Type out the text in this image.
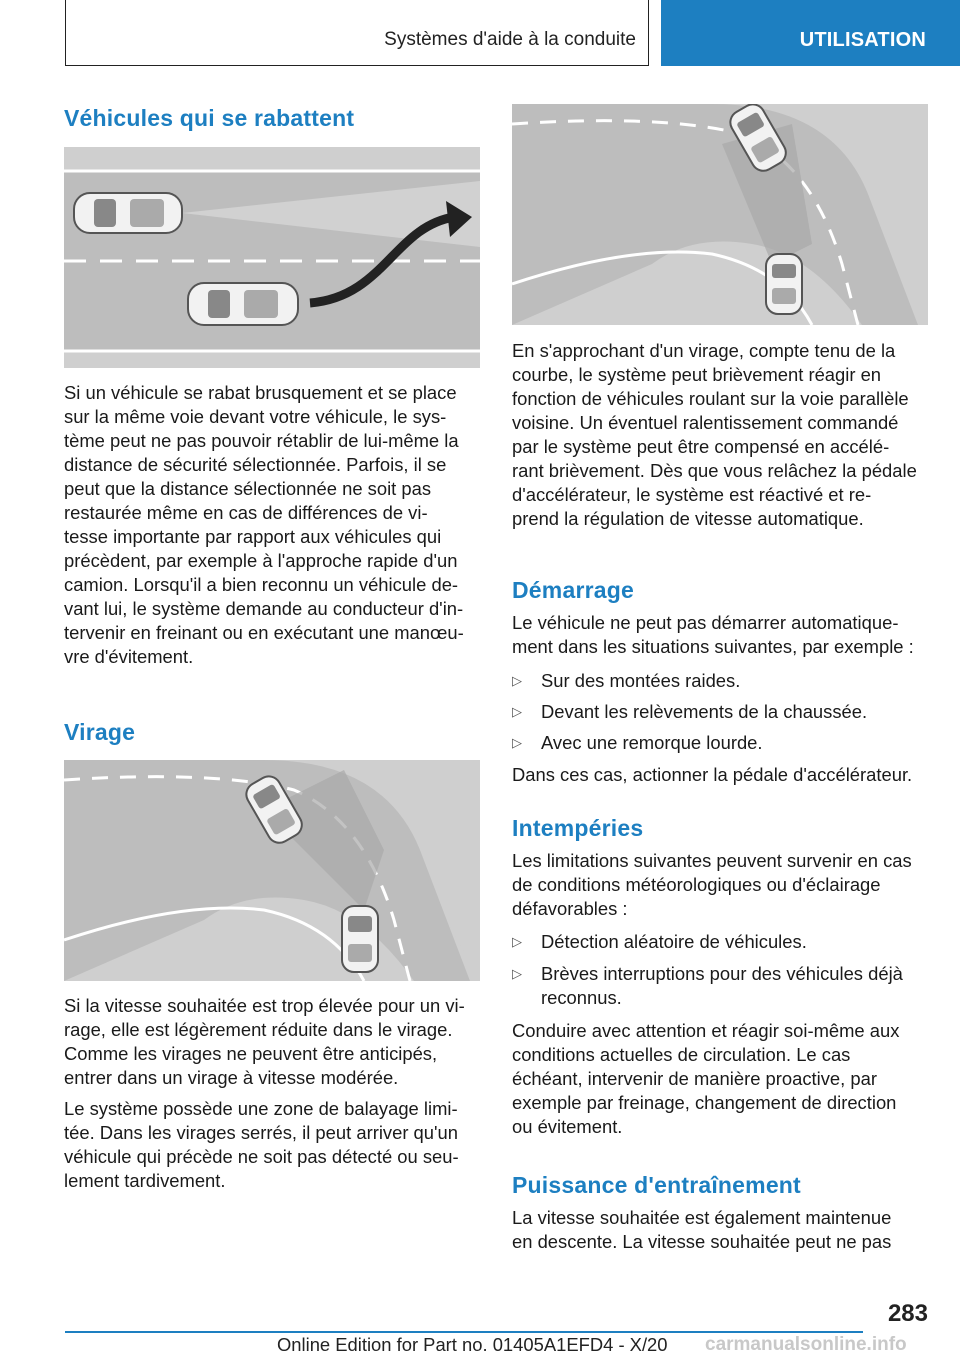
Systèmes d'aide à la conduite	UTILISATION
Véhicules qui se rabattent

Si un véhicule se rabat brusquement et se place
sur la même voie devant votre véhicule, le sys-
tème peut ne pas pouvoir rétablir de lui-même la
distance de sécurité sélectionnée. Parfois, il se
peut que la distance sélectionnée ne soit pas
restaurée même en cas de différences de vi-
tesse importante par rapport aux véhicules qui
précèdent, par exemple à l'approche rapide d'un
camion. Lorsqu'il a bien reconnu un véhicule de-
vant lui, le système demande au conducteur d'in-
tervenir en freinant ou en exécutant une manœu-
vre d'évitement.

Virage

Si la vitesse souhaitée est trop élevée pour un vi-
rage, elle est légèrement réduite dans le virage.
Comme les virages ne peuvent être anticipés,
entrer dans un virage à vitesse modérée.

Le système possède une zone de balayage limi-
tée. Dans les virages serrés, il peut arriver qu'un
véhicule qui précède ne soit pas détecté ou seu-
lement tardivement.

En s'approchant d'un virage, compte tenu de la
courbe, le système peut brièvement réagir en
fonction de véhicules roulant sur la voie parallèle
voisine. Un éventuel ralentissement commandé
par le système peut être compensé en accélé-
rant brièvement. Dès que vous relâchez la pédale
d'accélérateur, le système est réactivé et re-
prend la régulation de vitesse automatique.

Démarrage

Le véhicule ne peut pas démarrer automatique-
ment dans les situations suivantes, par exemple :

▷ Sur des montées raides.
▷ Devant les relèvements de la chaussée.
▷ Avec une remorque lourde.

Dans ces cas, actionner la pédale d'accélérateur.

Intempéries

Les limitations suivantes peuvent survenir en cas
de conditions météorologiques ou d'éclairage
défavorables :

▷ Détection aléatoire de véhicules.
▷ Brèves interruptions pour des véhicules déjà
reconnus.

Conduire avec attention et réagir soi-même aux
conditions actuelles de circulation. Le cas
échéant, intervenir de manière proactive, par
exemple par freinage, changement de direction
ou évitement.

Puissance d'entraînement

La vitesse souhaitée est également maintenue
en descente. La vitesse souhaitée peut ne pas

283
Online Edition for Part no. 01405A1EFD4 - X/20 carmanualsonline.info
